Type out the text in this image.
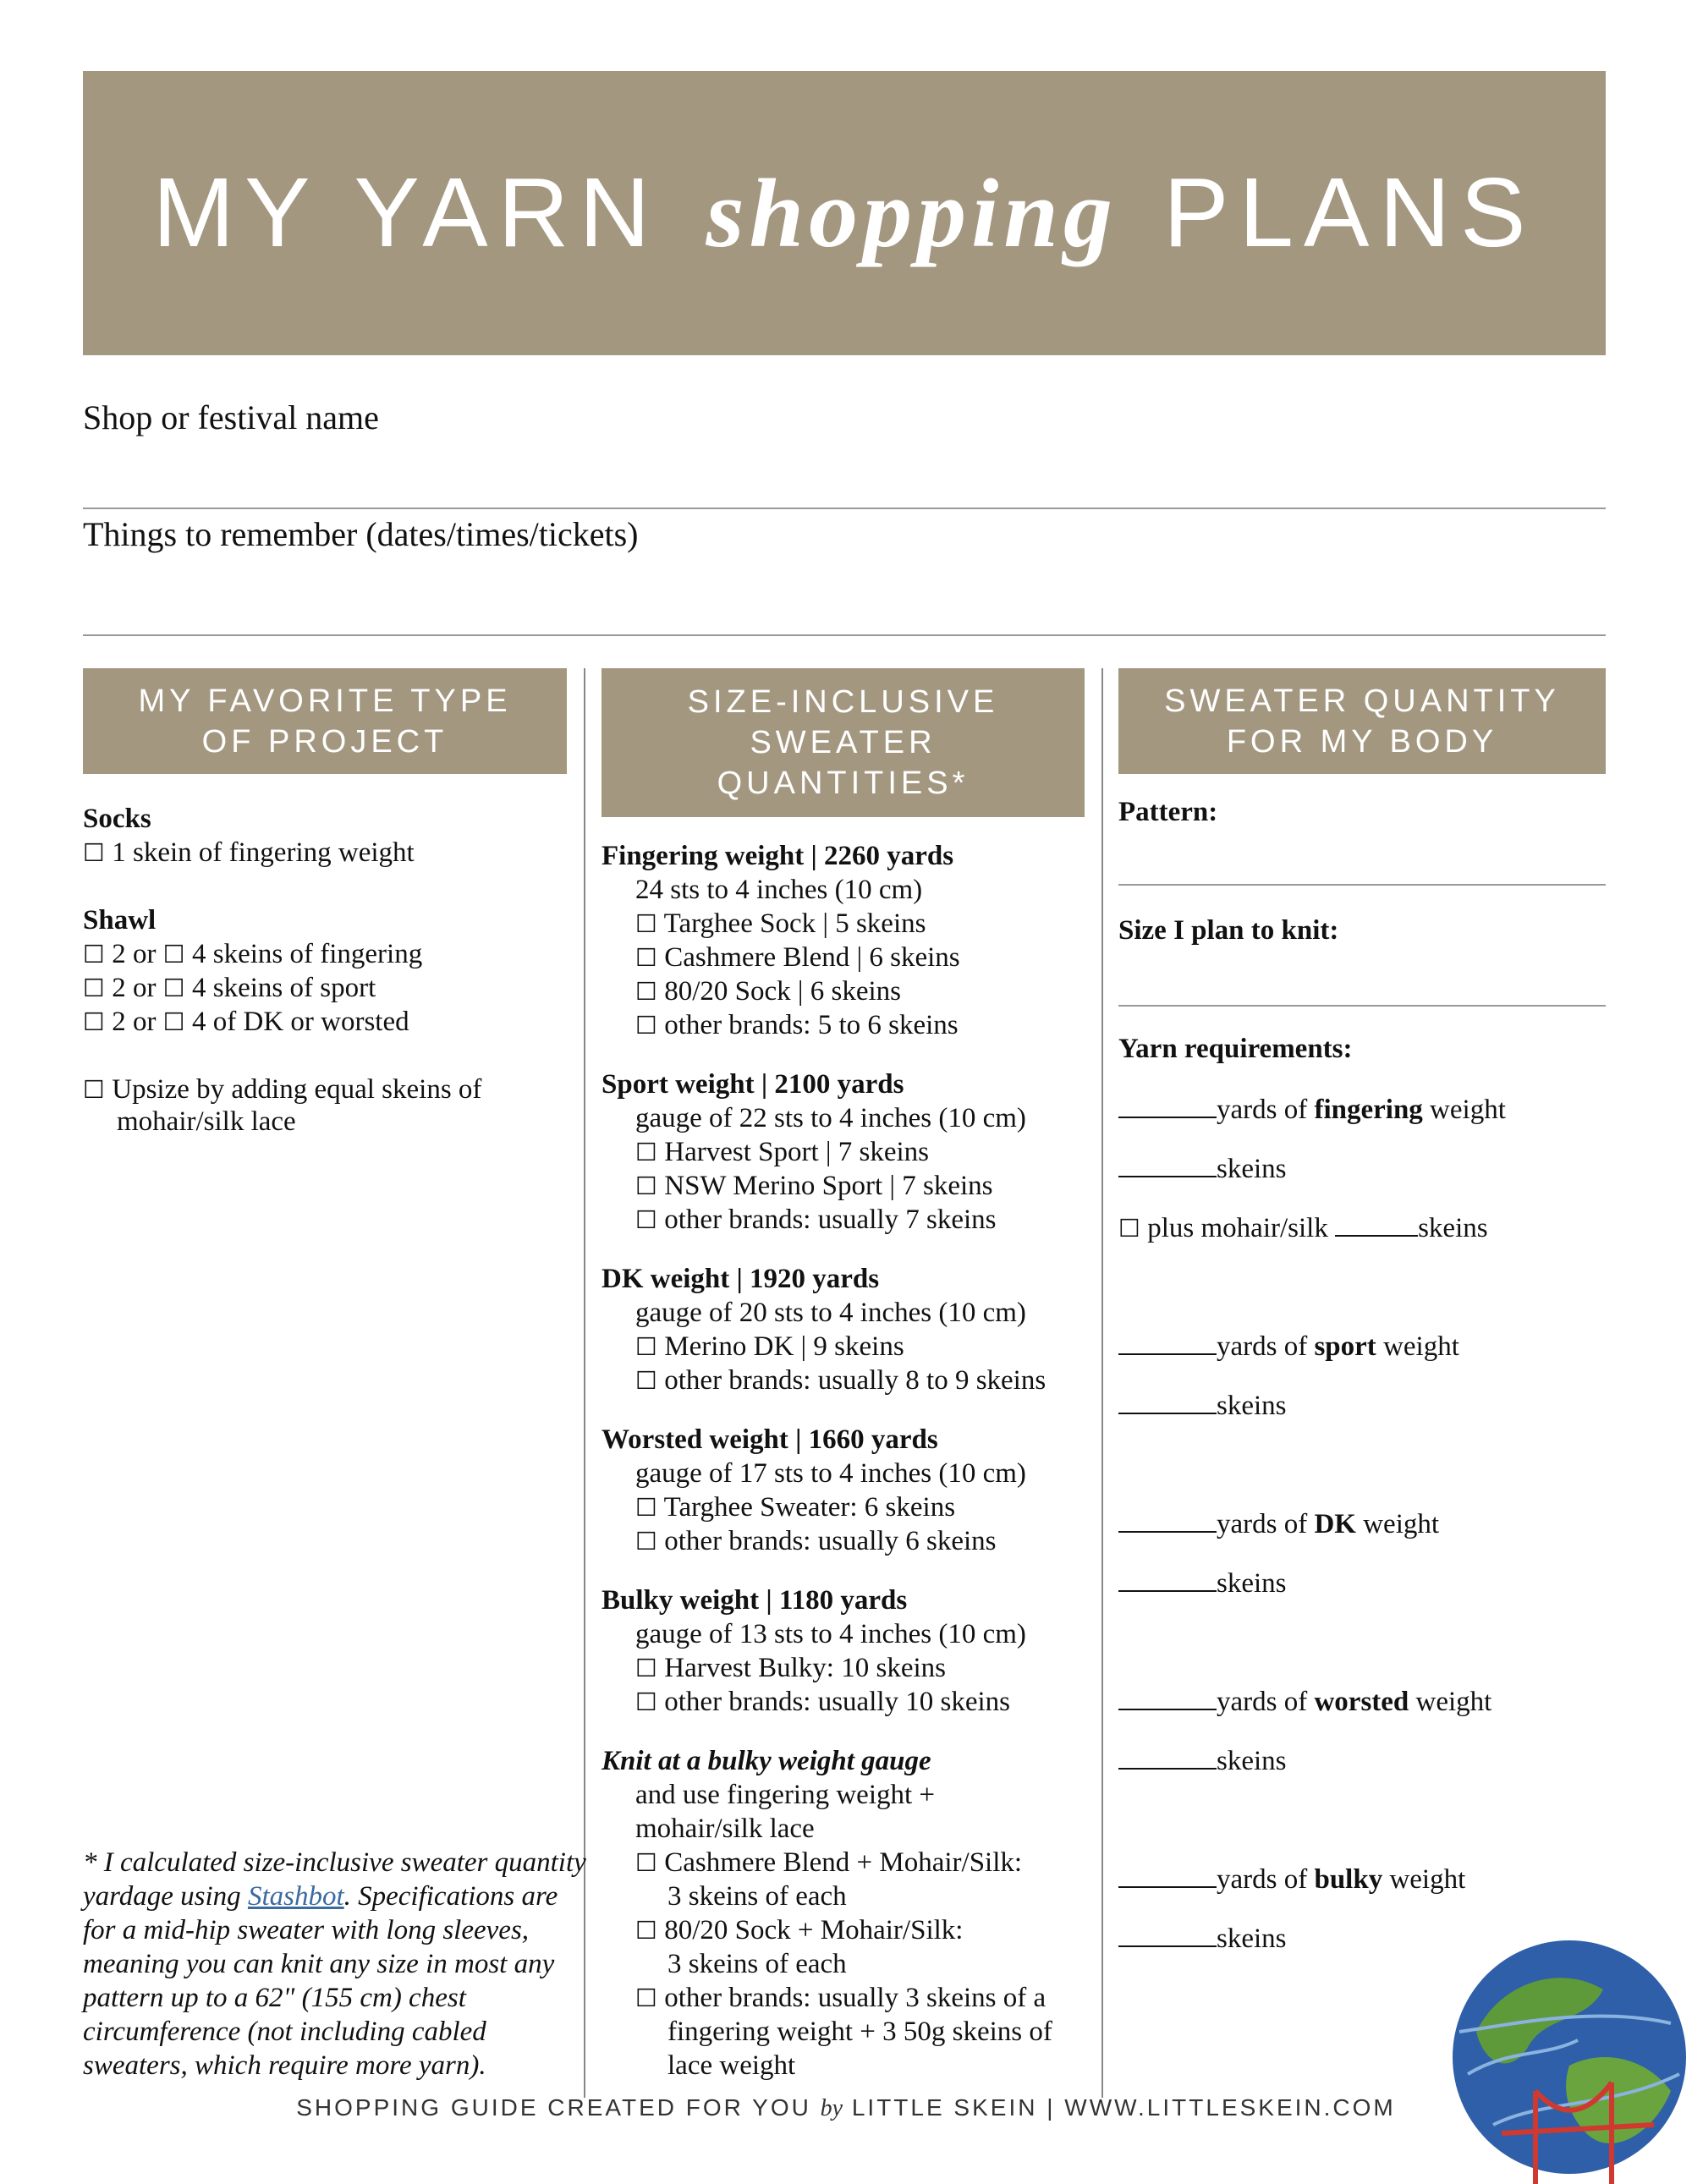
MY YARN shopping PLANS
Shop or festival name
Things to remember (dates/times/tickets)
MY FAVORITE TYPE OF PROJECT
SIZE-INCLUSIVE SWEATER QUANTITIES*
SWEATER QUANTITY FOR MY BODY
Socks
☐ 1 skein of fingering weight
Shawl
☐ 2 or ☐ 4 skeins of fingering
☐ 2 or ☐ 4 skeins of sport
☐ 2 or ☐ 4 of DK or worsted
☐ Upsize by adding equal skeins of
mohair/silk lace
* I calculated size-inclusive sweater quantity yardage using Stashbot. Specifications are for a mid-hip sweater with long sleeves, meaning you can knit any size in most any pattern up to a 62" (155 cm) chest circumference (not including cabled sweaters, which require more yarn).
Fingering weight | 2260 yards
24 sts to 4 inches (10 cm)
☐ Targhee Sock | 5 skeins
☐ Cashmere Blend | 6 skeins
☐ 80/20 Sock | 6 skeins
☐ other brands: 5 to 6 skeins
Sport weight | 2100 yards
gauge of 22 sts to 4 inches (10 cm)
☐ Harvest Sport | 7 skeins
☐ NSW Merino Sport | 7 skeins
☐ other brands: usually 7 skeins
DK weight | 1920 yards
gauge of 20 sts to 4 inches (10 cm)
☐ Merino DK | 9 skeins
☐ other brands: usually 8 to 9 skeins
Worsted weight | 1660 yards
gauge of 17 sts to 4 inches (10 cm)
☐ Targhee Sweater: 6 skeins
☐ other brands: usually 6 skeins
Bulky weight | 1180 yards
gauge of 13 sts to 4 inches (10 cm)
☐ Harvest Bulky: 10 skeins
☐ other brands: usually 10 skeins
Knit at a bulky weight gauge
and use fingering weight +
mohair/silk lace
☐ Cashmere Blend + Mohair/Silk:
3 skeins of each
☐ 80/20 Sock + Mohair/Silk:
3 skeins of each
☐ other brands: usually 3 skeins of a
fingering weight + 3 50g skeins of
lace weight
Pattern:
Size I plan to knit:
Yarn requirements:
yards of fingering weight
skeins
☐ plus mohair/silk	skeins
yards of sport weight
skeins
yards of DK weight
skeins
yards of worsted weight
skeins
yards of bulky weight
skeins
SHOPPING GUIDE CREATED FOR YOU by LITTLE SKEIN | WWW.LITTLESKEIN.COM
